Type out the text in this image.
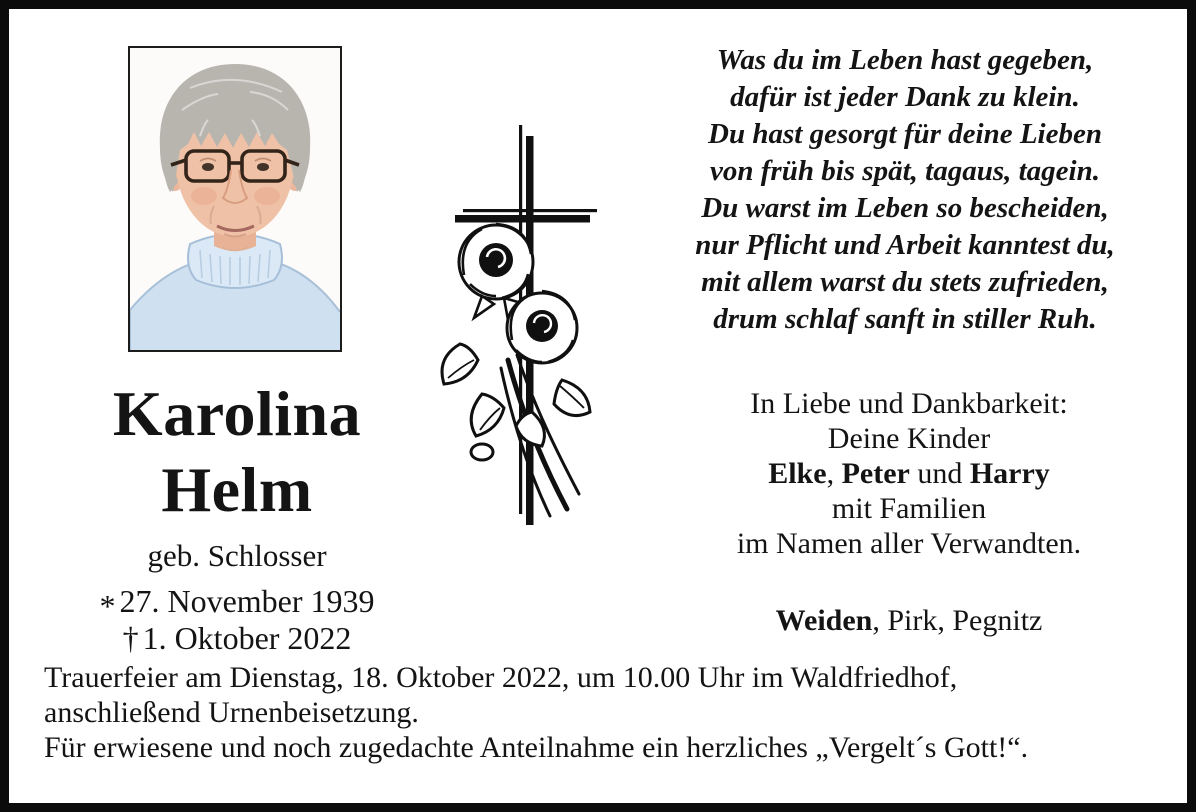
Karolina
Helm
geb. Schlosser
* 27. November 1939
† 1. Oktober 2022
Was du im Leben hast gegeben,
dafür ist jeder Dank zu klein.
Du hast gesorgt für deine Lieben
von früh bis spät, tagaus, tagein.
Du warst im Leben so bescheiden,
nur Pflicht und Arbeit kanntest du,
mit allem warst du stets zufrieden,
drum schlaf sanft in stiller Ruh.
In Liebe und Dankbarkeit:
Deine Kinder
Elke, Peter und Harry
mit Familien
im Namen aller Verwandten.
Weiden, Pirk, Pegnitz
Trauerfeier am Dienstag, 18. Oktober 2022, um 10.00 Uhr im Waldfriedhof,
anschließend Urnenbeisetzung.
Für erwiesene und noch zugedachte Anteilnahme ein herzliches „Vergelt´s Gott!“.
